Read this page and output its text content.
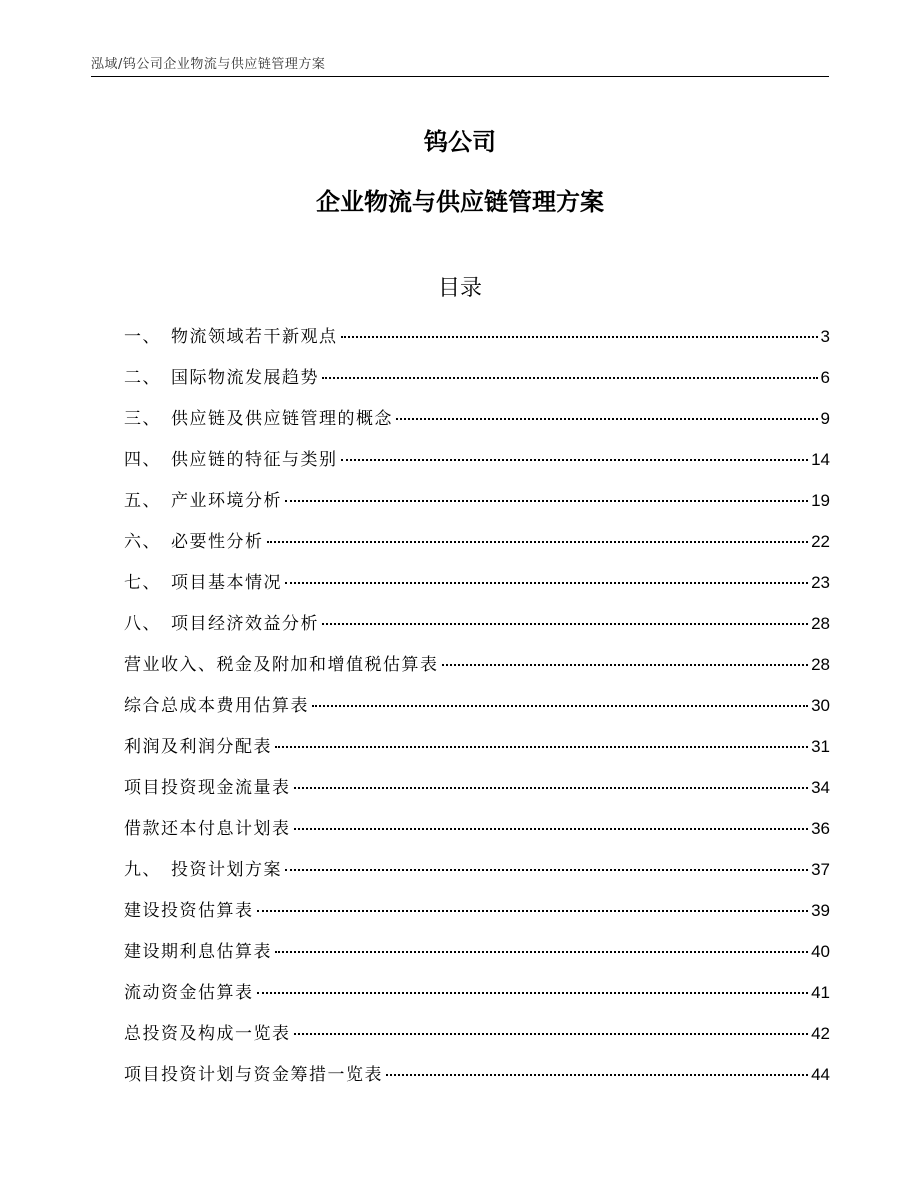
泓域/钨公司企业物流与供应链管理方案
钨公司
企业物流与供应链管理方案
目录
一、 物流领域若干新观点	3
二、 国际物流发展趋势	6
三、 供应链及供应链管理的概念	9
四、 供应链的特征与类别	14
五、 产业环境分析	19
六、 必要性分析	22
七、 项目基本情况	23
八、 项目经济效益分析	28
营业收入、税金及附加和增值税估算表	28
综合总成本费用估算表	30
利润及利润分配表	31
项目投资现金流量表	34
借款还本付息计划表	36
九、 投资计划方案	37
建设投资估算表	39
建设期利息估算表	40
流动资金估算表	41
总投资及构成一览表	42
项目投资计划与资金筹措一览表	44
